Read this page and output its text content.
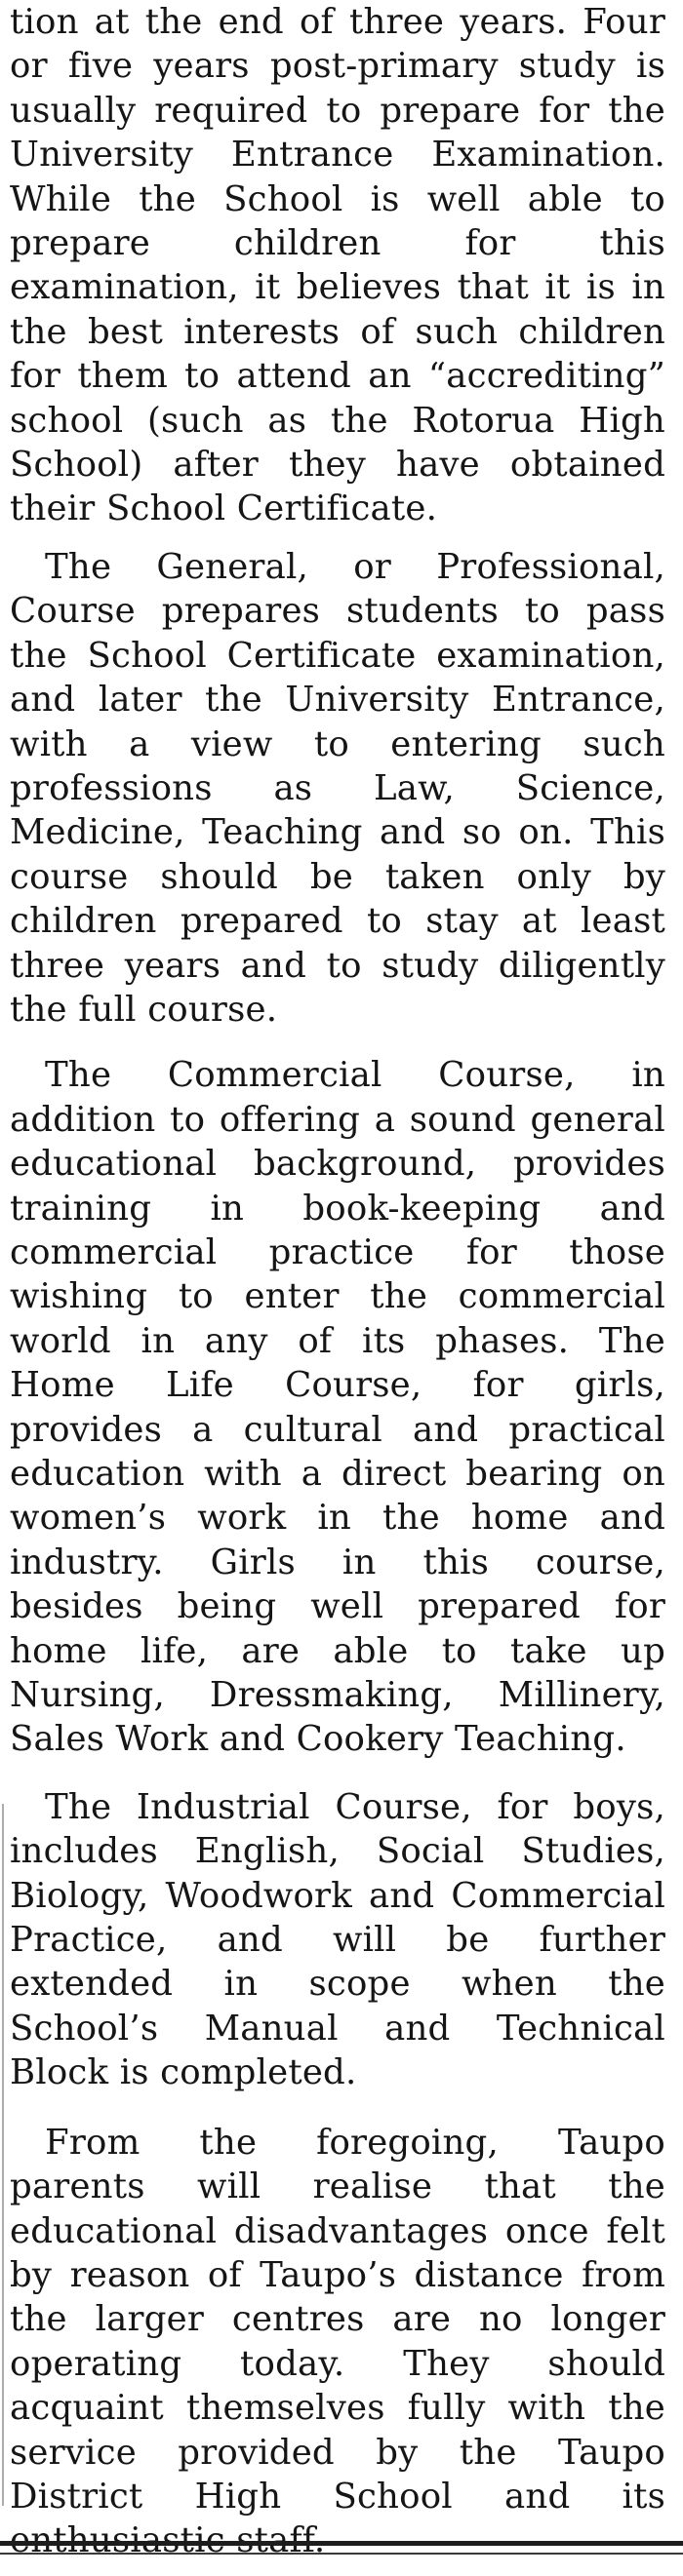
tion at the end of three years. Four or five years post-primary study is usually required to prepare for the University Entrance Examination. While the School is well able to prepare children for this examination, it believes that it is in the best interests of such children for them to attend an “accrediting” school (such as the Rotorua High School) after they have obtained their School Certificate.

The General, or Professional, Course prepares students to pass the School Certificate examination, and later the University Entrance, with a view to entering such professions as Law, Science, Medicine, Teaching and so on. This course should be taken only by children prepared to stay at least three years and to study diligently the full course.

The Commercial Course, in addition to offering a sound general educational background, provides training in book-keeping and commercial practice for those wishing to enter the commercial world in any of its phases. The Home Life Course, for girls, provides a cultural and practical education with a direct bearing on women’s work in the home and industry. Girls in this course, besides being well prepared for home life, are able to take up Nursing, Dressmaking, Millinery, Sales Work and Cookery Teaching.

The Industrial Course, for boys, includes English, Social Studies, Biology, Woodwork and Commercial Practice, and will be further extended in scope when the School’s Manual and Technical Block is completed.

From the foregoing, Taupo parents will realise that the educational disadvantages once felt by reason of Taupo’s distance from the larger centres are no longer operating today. They should acquaint themselves fully with the service provided by the Taupo District High School and its
